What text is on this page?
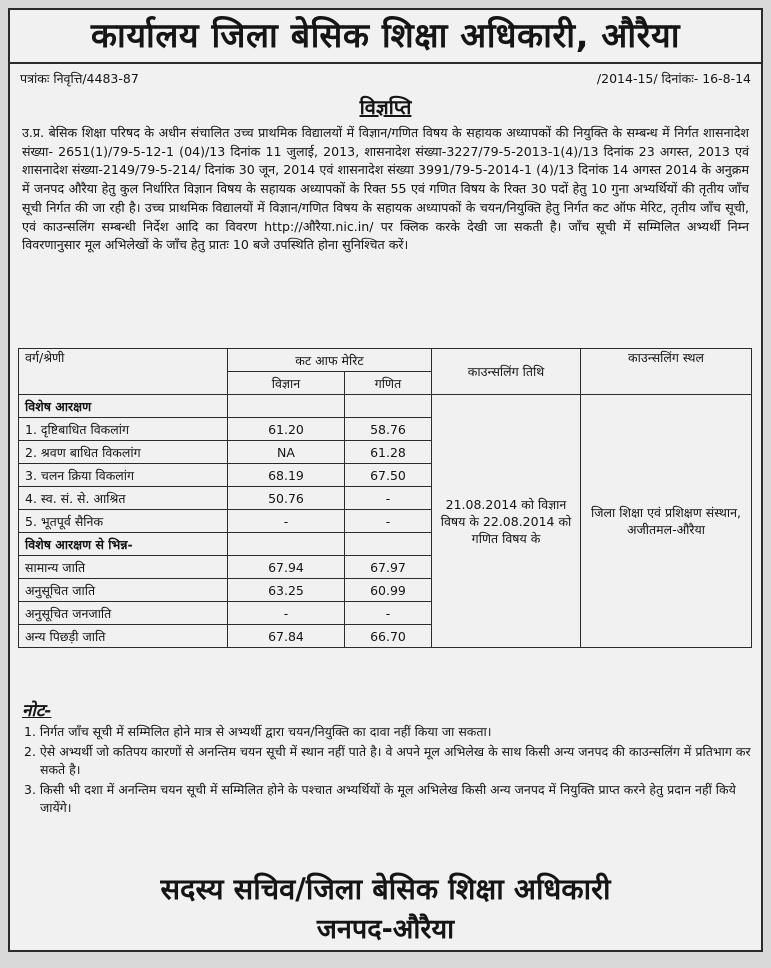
कार्यालय जिला बेसिक शिक्षा अधिकारी, औरैया
पत्रांकः निवृत्ति/4483-87	/2014-15/ दिनांकः- 16-8-14
विज्ञप्ति
उ.प्र. बेसिक शिक्षा परिषद के अधीन संचालित उच्च प्राथमिक विद्यालयों में विज्ञान/गणित विषय के सहायक अध्यापकों की नियुक्ति के सम्बन्ध में निर्गत शासनादेश संख्या- 2651(1)/79-5-12-1 (04)/13 दिनांक 11 जुलाई, 2013, शासनादेश संख्या-3227/79-5-2013-1(4)/13 दिनांक 23 अगस्त, 2013 एवं शासनादेश संख्या-2149/79-5-214/ दिनांक 30 जून, 2014 एवं शासनादेश संख्या 3991/79-5-2014-1 (4)/13 दिनांक 14 अगस्त 2014 के अनुक्रम में जनपद औरैया हेतु कुल निर्धारित विज्ञान विषय के सहायक अध्यापकों के रिक्त 55 एवं गणित विषय के रिक्त 30 पदों हेतु 10 गुना अभ्यर्थियों की तृतीय जाँच सूची निर्गत की जा रही है। उच्च प्राथमिक विद्यालयों में विज्ञान/गणित विषय के सहायक अध्यापकों के चयन/नियुक्ति हेतु निर्गत कट ऑफ मेरिट, तृतीय जाँच सूची, एवं काउन्सलिंग सम्बन्धी निर्देश आदि का विवरण http://औरैया.nic.in/ पर क्लिक करके देखी जा सकती है। जाँच सूची में सम्मिलित अभ्यर्थी निम्न विवरणानुसार मूल अभिलेखों के जाँच हेतु प्रातः 10 बजे उपस्थिति होना सुनिश्चित करें।
वर्ग/श्रेणी	कट आफ मेरिट		काउन्सलिंग तिथि	काउन्सलिंग स्थल
	विज्ञान	गणित		
विशेष आरक्षण			21.08.2014 को विज्ञान विषय के 22.08.2014 को गणित विषय के	जिला शिक्षा एवं प्रशिक्षण संस्थान, अजीतमल-औरैया
1. दृष्टिबाधित विकलांग	61.20	58.76		
2. श्रवण बाधित विकलांग	NA	61.28		
3. चलन क्रिया विकलांग	68.19	67.50		
4. स्व. सं. से. आश्रित	50.76	-		
5. भूतपूर्व सैनिक	-	-		
विशेष आरक्षण से भिन्न-				
सामान्य जाति	67.94	67.97		
अनुसूचित जाति	63.25	60.99		
अनुसूचित जनजाति	-	-		
अन्य पिछड़ी जाति	67.84	66.70		
नोट-
1. निर्गत जाँच सूची में सम्मिलित होने मात्र से अभ्यर्थी द्वारा चयन/नियुक्ति का दावा नहीं किया जा सकता।
2. ऐसे अभ्यर्थी जो कतिपय कारणों से अनन्तिम चयन सूची में स्थान नहीं पाते है। वे अपने मूल अभिलेख के साथ किसी अन्य जनपद की काउन्सलिंग में प्रतिभाग कर सकते है।
3. किसी भी दशा में अनन्तिम चयन सूची में सम्मिलित होने के पश्चात अभ्यर्थियों के मूल अभिलेख किसी अन्य जनपद में नियुक्ति प्राप्त करने हेतु प्रदान नहीं किये जायेंगे।
सदस्य सचिव/जिला बेसिक शिक्षा अधिकारी
जनपद-औरैया
